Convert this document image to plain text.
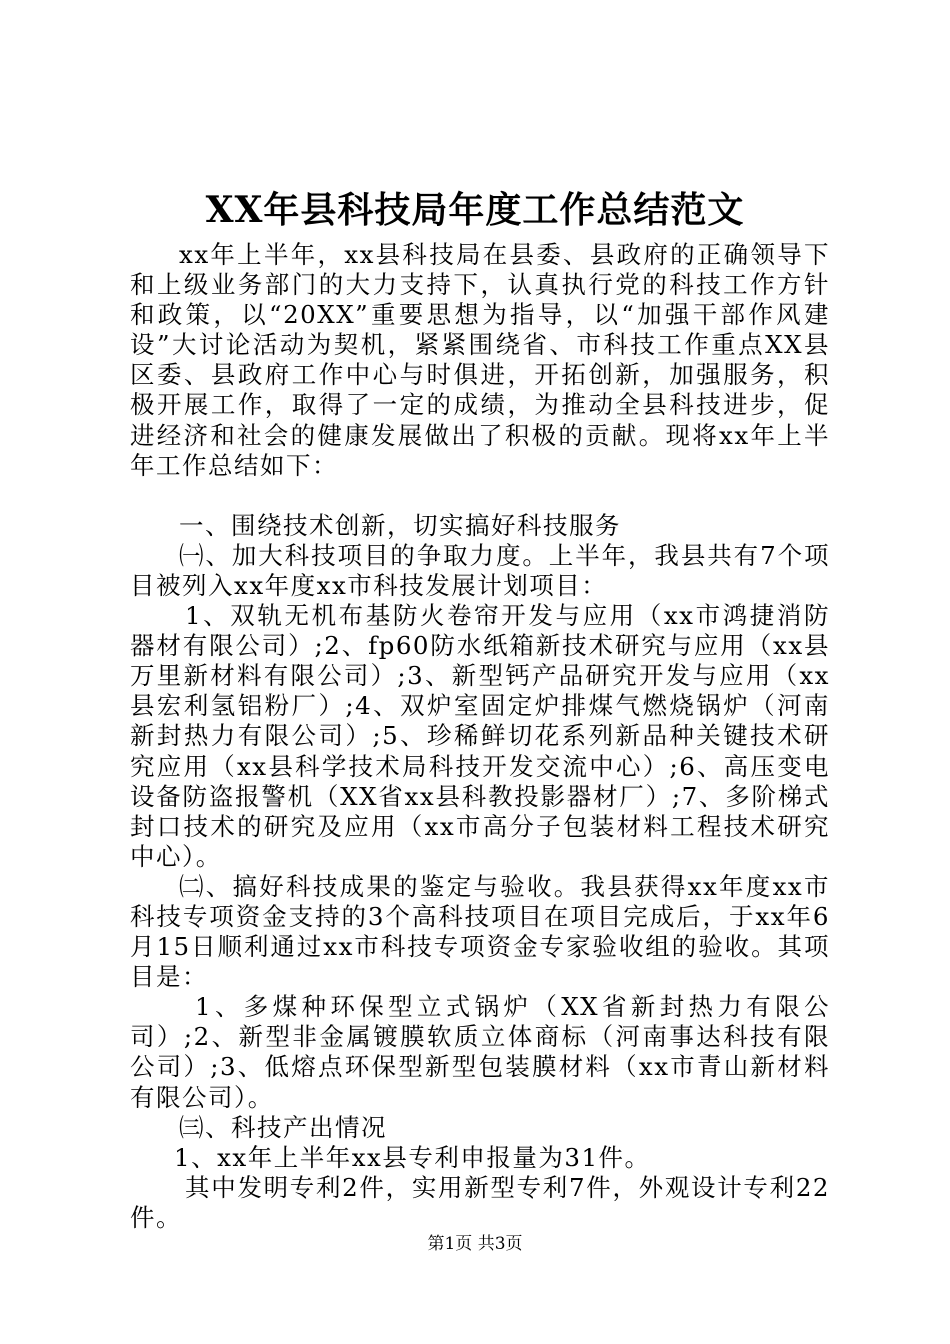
XX年县科技局年度工作总结范文

xx年上半年，xx县科技局在县委、县政府的正确领导下和上级业务部门的大力支持下，认真执行党的科技工作方针和政策，以“20XX”重要思想为指导，以“加强干部作风建设”大讨论活动为契机，紧紧围绕省、市科技工作重点XX县区委、县政府工作中心与时俱进，开拓创新，加强服务，积极开展工作，取得了一定的成绩，为推动全县科技进步，促进经济和社会的健康发展做出了积极的贡献。现将xx年上半年工作总结如下：

一、围绕技术创新，切实搞好科技服务

㈠、加大科技项目的争取力度。上半年，我县共有7个项目被列入xx年度xx市科技发展计划项目：

1、双轨无机布基防火卷帘开发与应用（xx市鸿捷消防器材有限公司）;2、fp60防水纸箱新技术研究与应用（xx县万里新材料有限公司）;3、新型钙产品研究开发与应用（xx县宏利氢铝粉厂）;4、双炉室固定炉排煤气燃烧锅炉（河南新封热力有限公司）;5、珍稀鲜切花系列新品种关键技术研究应用（xx县科学技术局科技开发交流中心）;6、高压变电设备防盗报警机（XX省xx县科教投影器材厂）;7、多阶梯式封口技术的研究及应用（xx市高分子包装材料工程技术研究中心）。

㈡、搞好科技成果的鉴定与验收。我县获得xx年度xx市科技专项资金支持的3个高科技项目在项目完成后，于xx年6月15日顺利通过xx市科技专项资金专家验收组的验收。其项目是：

1、多煤种环保型立式锅炉（XX省新封热力有限公司）;2、新型非金属镀膜软质立体商标（河南事达科技有限公司）;3、低熔点环保型新型包装膜材料（xx市青山新材料有限公司）。

㈢、科技产出情况

1、xx年上半年xx县专利申报量为31件。

其中发明专利2件，实用新型专利7件，外观设计专利22件。

第1页 共3页
